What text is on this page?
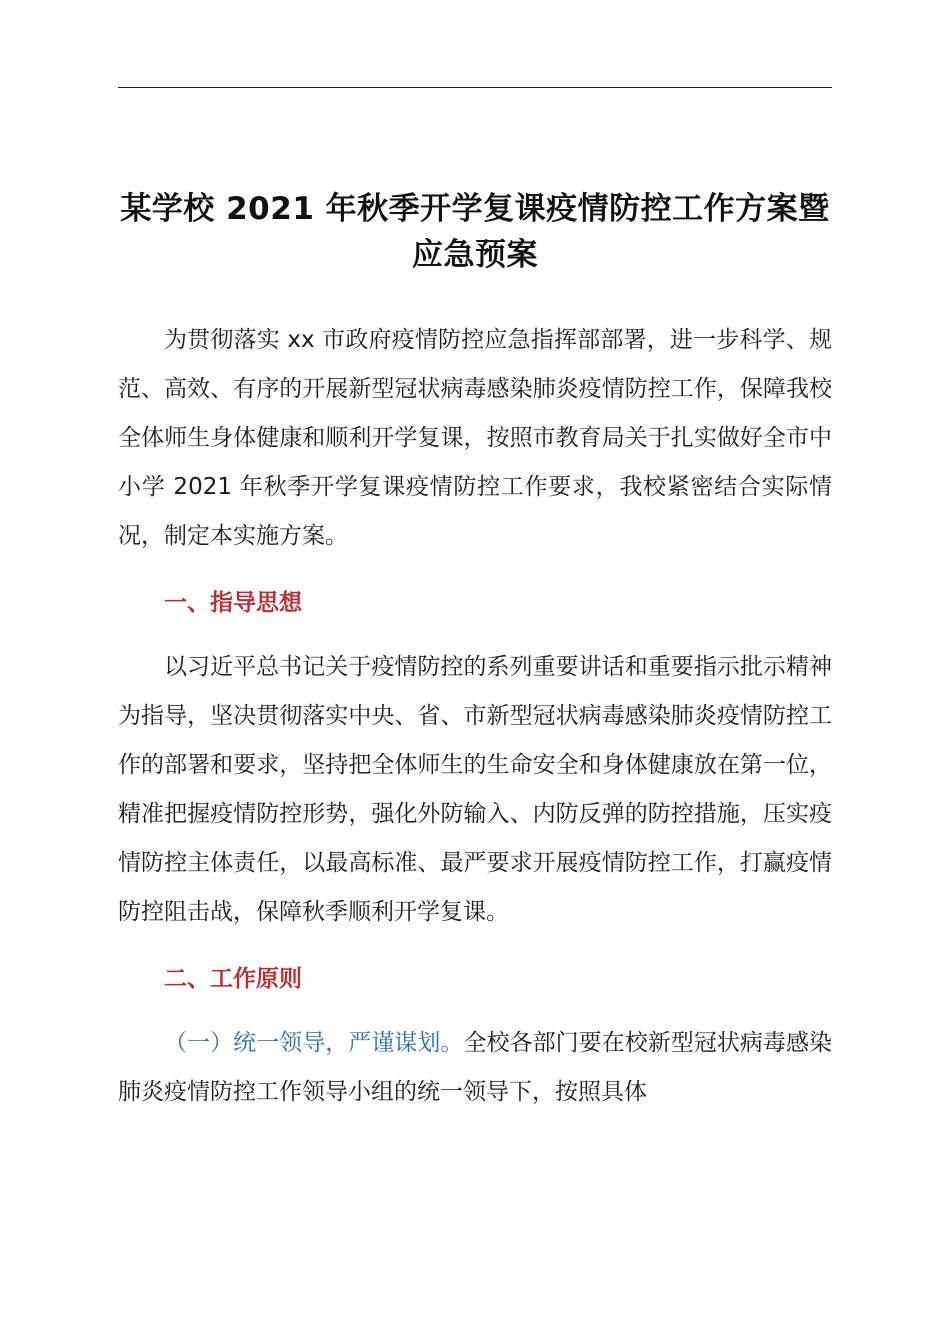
某学校 2021 年秋季开学复课疫情防控工作方案暨应急预案

为贯彻落实 xx 市政府疫情防控应急指挥部部署，进一步科学、规范、高效、有序的开展新型冠状病毒感染肺炎疫情防控工作，保障我校全体师生身体健康和顺利开学复课，按照市教育局关于扎实做好全市中小学 2021 年秋季开学复课疫情防控工作要求，我校紧密结合实际情况，制定本实施方案。

一、指导思想

以习近平总书记关于疫情防控的系列重要讲话和重要指示批示精神为指导，坚决贯彻落实中央、省、市新型冠状病毒感染肺炎疫情防控工作的部署和要求，坚持把全体师生的生命安全和身体健康放在第一位，精准把握疫情防控形势，强化外防输入、内防反弹的防控措施，压实疫情防控主体责任，以最高标准、最严要求开展疫情防控工作，打赢疫情防控阻击战，保障秋季顺利开学复课。

二、工作原则

（一）统一领导，严谨谋划。全校各部门要在校新型冠状病毒感染肺炎疫情防控工作领导小组的统一领导下，按照具体
